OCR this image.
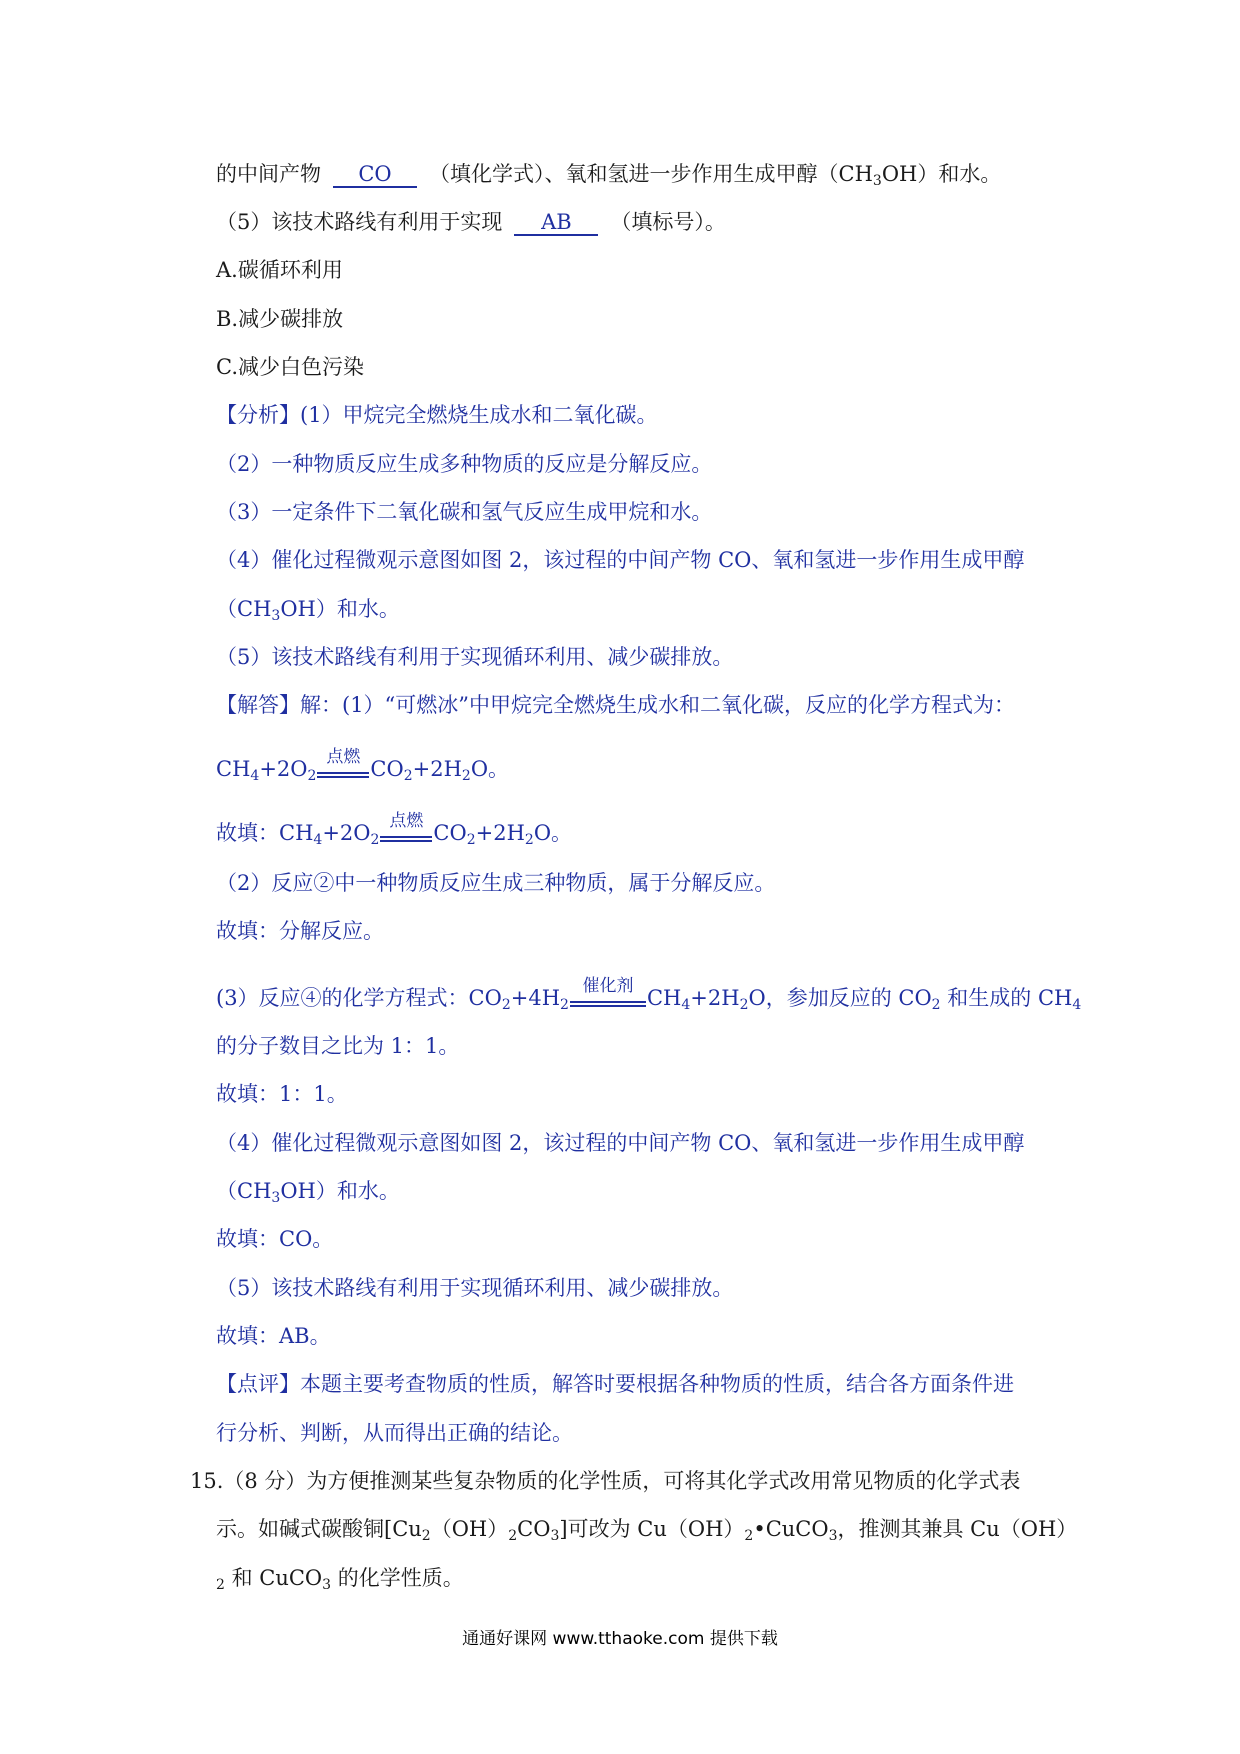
的中间产物 CO （填化学式）、氧和氢进一步作用生成甲醇$(CH_3OH)$和水。
（5）该技术路线有利用于实现 AB （填标号）。
A.碳循环利用
B.减少碳排放
C.减少白色污染
【分析】(1）甲烷完全燃烧生成水和二氧化碳。
（2）一种物质反应生成多种物质的反应是分解反应。
（3）一定条件下二氧化碳和氢气反应生成甲烷和水。
（4）催化过程微观示意图如图 2，该过程的中间产物 CO、氧和氢进一步作用生成甲醇
$(CH_3OH)$和水。
（5）该技术路线有利用于实现循环利用、减少碳排放。
【解答】解：(1）“可燃冰”中甲烷完全燃烧生成水和二氧化碳，反应的化学方程式为：
$CH_4+2O_2$
点燃 $CO_2+2H_2O$。
故填：$CH_4+2O_2$
点燃 $CO_2+2H_2O$。
（2）反应②中一种物质反应生成三种物质，属于分解反应。
故填：分解反应。
(3）反应④的化学方程式：$CO_2+4H_2$
催化剂 $CH_4+2H_2O$，参加反应的 $CO_2$ 和生成的 $CH_4$
的分子数目之比为 1：1。
故填：1：1。
（4）催化过程微观示意图如图 2，该过程的中间产物 CO、氧和氢进一步作用生成甲醇
$(CH_3OH)$和水。
故填：CO。
（5）该技术路线有利用于实现循环利用、减少碳排放。
故填：AB。
【点评】本题主要考查物质的性质，解答时要根据各种物质的性质，结合各方面条件进
行分析、判断，从而得出正确的结论。
15.（8 分）为方便推测某些复杂物质的化学性质，可将其化学式改用常见物质的化学式表
示。如碱式碳酸铜$[Cu_2(OH)_2CO_3]$可改为 $Cu(OH)_2•CuCO_3$，推测其兼具 Cu（OH）
$_2$ 和 CuCO$_3$ 的化学性质。
通通好课网 www.tthaoke.com 提供下载
